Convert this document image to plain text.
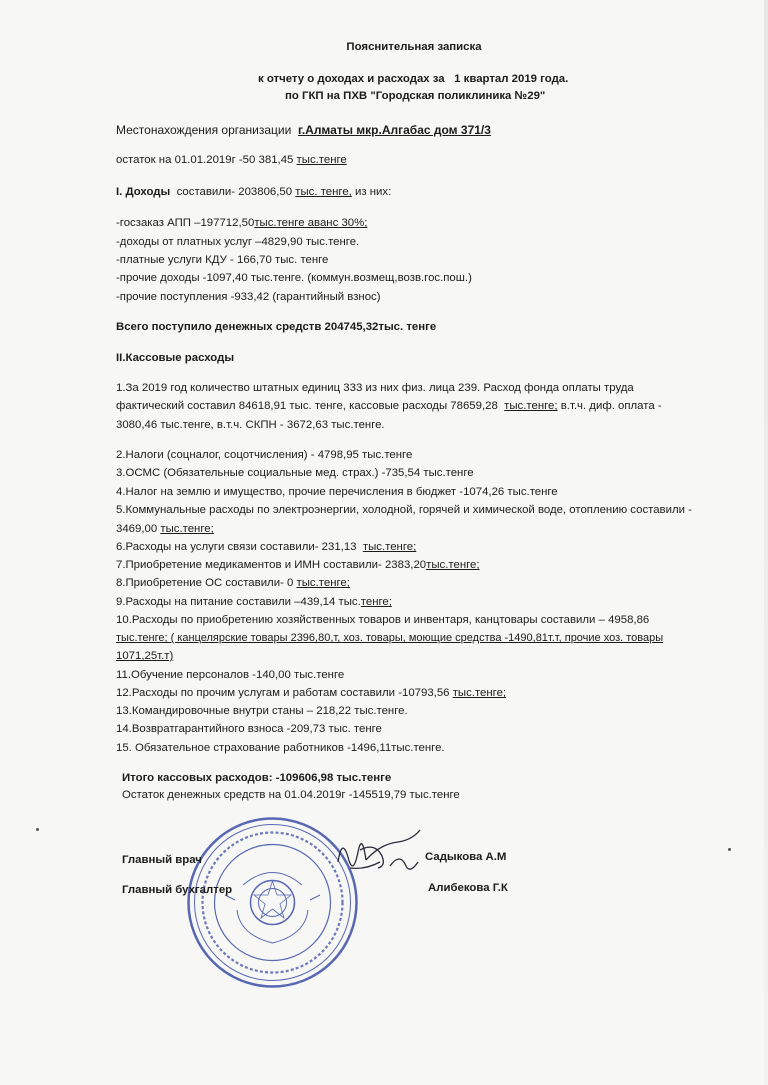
Пояснительная записка
к отчету о доходах и расходах за 1 квартал 2019 года.
по ГКП на ПХВ "Городская поликлиника №29"
Местонахождения организации г.Алматы мкр.Алгабас дом 371/3
остаток на 01.01.2019г -50 381,45 тыс.тенге
I. Доходы составили- 203806,50 тыс. тенге, из них:
-госзаказ АПП –197712,50тыс.тенге аванс 30%;
-доходы от платных услуг –4829,90 тыс.тенге.
-платные услуги КДУ - 166,70 тыс. тенге
-прочие доходы -1097,40 тыс.тенге. (коммун.возмещ,возв.гос.пош.)
-прочие поступления -933,42 (гарантийный взнос)
Всего поступило денежных средств 204745,32тыс. тенге
II.Кассовые расходы
1.За 2019 год количество штатных единиц 333 из них физ. лица 239. Расход фонда оплаты труда
фактический составил 84618,91 тыс. тенге, кассовые расходы 78659,28 тыс.тенге; в.т.ч. диф. оплата -
3080,46 тыс.тенге, в.т.ч. СКПН - 3672,63 тыс.тенге.
2.Налоги (соцналог, соцотчисления) - 4798,95 тыс.тенге
3.ОСМС (Обязательные социальные мед. страх.) -735,54 тыс.тенге
4.Налог на землю и имущество, прочие перечисления в бюджет -1074,26 тыс.тенге
5.Коммунальные расходы по электроэнергии, холодной, горячей и химической воде, отоплению составили -
3469,00 тыс.тенге;
6.Расходы на услуги связи составили- 231,13 тыс.тенге;
7.Приобретение медикаментов и ИМН составили- 2383,20тыс.тенге;
8.Приобретение ОС составили- 0 тыс.тенге;
9.Расходы на питание составили –439,14 тыс.тенге;
10.Расходы по приобретению хозяйственных товаров и инвентаря, канцтовары составили – 4958,86
тыс.тенге; ( канцелярские товары 2396,80,т, хоз. товары, моющие средства -1490,81т.т, прочие хоз. товары
1071,25т.т)
11.Обучение персоналов -140,00 тыс.тенге
12.Расходы по прочим услугам и работам составили -10793,56 тыс.тенге;
13.Командировочные внутри станы – 218,22 тыс.тенге.
14.Возвратгарантийного взноса -209,73 тыс. тенге
15. Обязательное страхование работников -1496,11тыс.тенге.
Итого кассовых расходов: -109606,98 тыс.тенге
Остаток денежных средств на 01.04.2019г -145519,79 тыс.тенге
Главный врач	Садыкова А.М
Главный бухгалтер	Алибекова Г.К
